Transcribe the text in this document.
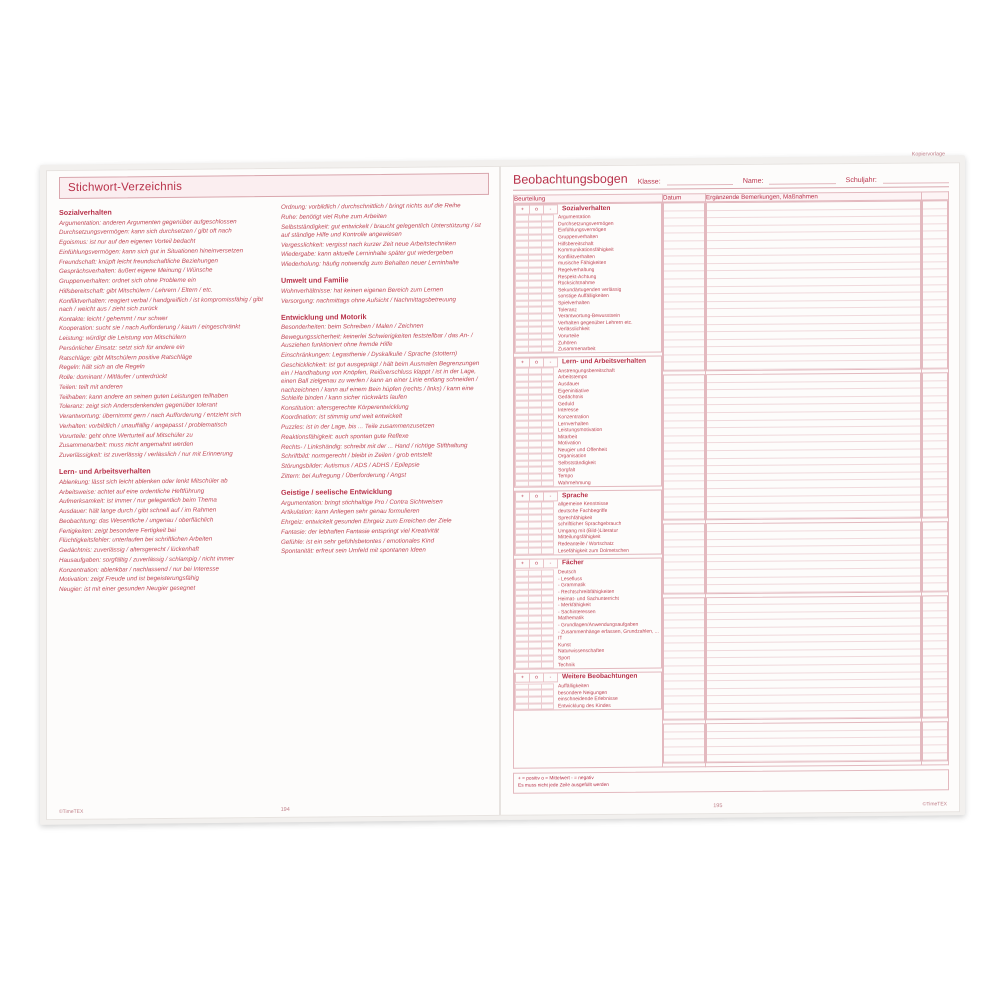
Stichwort-Verzeichnis
Sozialverhalten
Argumentation: anderen Argumenten gegenüber aufgeschlossen
Durchsetzungsvermögen: kann sich durchsetzen / gibt oft nach
Egoismus: ist nur auf den eigenen Vorteil bedacht
Einfühlungsvermögen: kann sich gut in Situationen hineinversetzen
Freundschaft: knüpft leicht freundschaftliche Beziehungen
Gesprächsverhalten: äußert eigene Meinung / Wünsche
Gruppenverhalten: ordnet sich ohne Probleme ein
Hilfsbereitschaft: gibt Mitschülern / Lehrern / Eltern / etc.
Konfliktverhalten: reagiert verbal / handgreiflich / ist kompromissfähig / gibt nach / weicht aus / zieht sich zurück
Kontakte: leicht / gehemmt / nur schwer
Kooperation: sucht sie / nach Aufforderung / kaum / eingeschränkt
Leistung: würdigt die Leistung von Mitschülern
Persönlicher Einsatz: setzt sich für andere ein
Ratschläge: gibt Mitschülern positive Ratschläge
Regeln: hält sich an die Regeln
Rolle: dominant / Mitläufer / unterdrückt
Teilen: teilt mit anderen
Teilhaben: kann andere an seinen guten Leistungen teilhaben
Toleranz: zeigt sich Andersdenkenden gegenüber tolerant
Verantwortung: übernimmt gern / nach Aufforderung / entzieht sich
Verhalten: vorbildlich / unauffällig / angepasst / problematisch
Vorurteile: geht ohne Werturteil auf Mitschüler zu
Zusammenarbeit: muss nicht angemahnt werden
Zuverlässigkeit: ist zuverlässig / verlässlich / nur mit Erinnerung
Lern- und Arbeitsverhalten
Ablenkung: lässt sich leicht ablenken oder lenkt Mitschüler ab
Arbeitsweise: achtet auf eine ordentliche Heftführung
Aufmerksamkeit: ist immer / nur gelegentlich beim Thema
Ausdauer: hält lange durch / gibt schnell auf / im Rahmen
Beobachtung: das Wesentliche / ungenau / oberflächlich
Fertigkeiten: zeigt besondere Fertigkeit bei
Flüchtigkeitsfehler: unterlaufen bei schriftlichen Arbeiten
Gedächtnis: zuverlässig / altersgerecht / lückenhaft
Hausaufgaben: sorgfältig / zuverlässig / schlampig / nicht immer
Konzentration: ablenkbar / nachlassend / nur bei Interesse
Motivation: zeigt Freude und ist begeisterungsfähig
Neugier: ist mit einer gesunden Neugier gesegnet
Ordnung: vorbildlich / durchschnittlich / bringt nichts auf die Reihe
Ruhe: benötigt viel Ruhe zum Arbeiten
Selbstständigkeit: gut entwickelt / braucht gelegentlich Unterstützung / ist auf ständige Hilfe und Kontrolle angewiesen
Vergesslichkeit: vergisst nach kurzer Zeit neue Arbeitstechniken
Wiedergabe: kann aktuelle Lerninhalte später gut wiedergeben
Wiederholung: häufig notwendig zum Behalten neuer Lerninhalte
Umwelt und Familie
Wohnverhältnisse: hat keinen eigenen Bereich zum Lernen
Versorgung: nachmittags ohne Aufsicht / Nachmittagsbetreuung
Entwicklung und Motorik
Besonderheiten: beim Schreiben / Malen / Zeichnen
Bewegungssicherheit: keinerlei Schwierigkeiten feststellbar / das An- / Ausziehen funktioniert ohne fremde Hilfe
Einschränkungen: Legasthenie / Dyskalkulie / Sprache (stottern)
Geschicklichkeit: ist gut ausgeprägt / hält beim Ausmalen Begrenzungen ein / Handhabung von Knöpfen, Reißverschluss klappt / ist in der Lage, einen Ball zielgenau zu werfen / kann an einer Linie entlang schneiden / nachzeichnen / kann auf einem Bein hüpfen (rechts / links) / kann eine Schleife binden / kann sicher rückwärts laufen
Konstitution: altersgerechte Körperentwicklung
Koordination: ist stimmig und weit entwickelt
Puzzles: ist in der Lage, bis ... Teile zusammenzusetzen
Reaktionsfähigkeit: auch spontan gute Reflexe
Rechts- / Linkshändig: schreibt mit der ... Hand / richtige Stifthaltung
Schriftbild: normgerecht / bleibt in Zeilen / grob entstellt
Störungsbilder: Autismus / ADS / ADHS / Epilepsie
Zittern: bei Aufregung / Überforderung / Angst
Geistige / seelische Entwicklung
Argumentation: bringt stichhaltige Pro / Contra Sichtweisen
Artikulation: kann Anliegen sehr genau formulieren
Ehrgeiz: entwickelt gesunden Ehrgeiz zum Erreichen der Ziele
Fantasie: der lebhaften Fantasie entspringt viel Kreativität
Gefühle: ist ein sehr gefühlsbetontes / emotionales Kind
Spontanität: erfreut sein Umfeld mit spontanen Ideen
©TimeTEX	194
Kopiervorlage
Beobachtungsbogen Klasse:	Name:	Schuljahr:
Beurteilung	Datum	Ergänzende Bemerkungen, Maßnahmen	

+	o	-	Sozialverhalten
Argumentation
Durchsetzungsvermögen
Einfühlungsvermögen
Gruppenverhalten
Hilfsbereitschaft
Kommunikationsfähigkeit
Konfliktverhalten
musische Fähigkeiten
Regelverhaltung
Respekt-Achtung
Rücksichtnahme
Sekundärtugenden verlässig
sonstige Auffälligkeiten
Spielverhalten
Toleranz
Verantwortung-Bewusstsein
Verhalten gegenüber Lehrern etc.
Verlässlichkeit
Vorurteile
Zuhören
Zusammenarbeit
+	o	-	Lern- und Arbeitsverhalten
Anstrengungsbereitschaft
Arbeitstempo
Ausdauer
Eigeninitiative
Gedächtnis
Geduld
Interesse
Konzentration
Lernverhalten
Leistungsmotivation
Mitarbeit
Motivation
Neugier und Offenheit
Organisation
Selbstständigkeit
Sorgfalt
Tempo
Wahrnehmung
+	o	-	Sprache
allgemeine Kenntnisse
deutsche Fachbegriffe
Sprechfähigkeit
schriftlicher Sprachgebrauch
Umgang mit (Bild-)Literatur
Mitteilungsfähigkeit
Redeanteile / Wortschatz
Lesefähigkeit zum Dolmetschen
+	o	-	Fächer
Deutsch
- Lesefluss
- Grammatik
- Rechtschreibfähigkeiten
Heimat- und Sachunterricht
- Merkfähigkeit
- Sachinteressen
Mathematik
- Grundlagen/Anwendungsaufgaben
- Zusammenhänge erfassen, Grundzahlen, ...
IT
Kunst
Naturwissenschaften
Sport
Technik
+	o	-	Weitere Beobachtungen
Auffälligkeiten
besondere Neigungen
einschneidende Erlebnisse
Entwicklung des Kindes

+ = positiv o = Mittelwert - = negativ
Es muss nicht jede Zeile ausgefüllt werden
195	©TimeTEX
